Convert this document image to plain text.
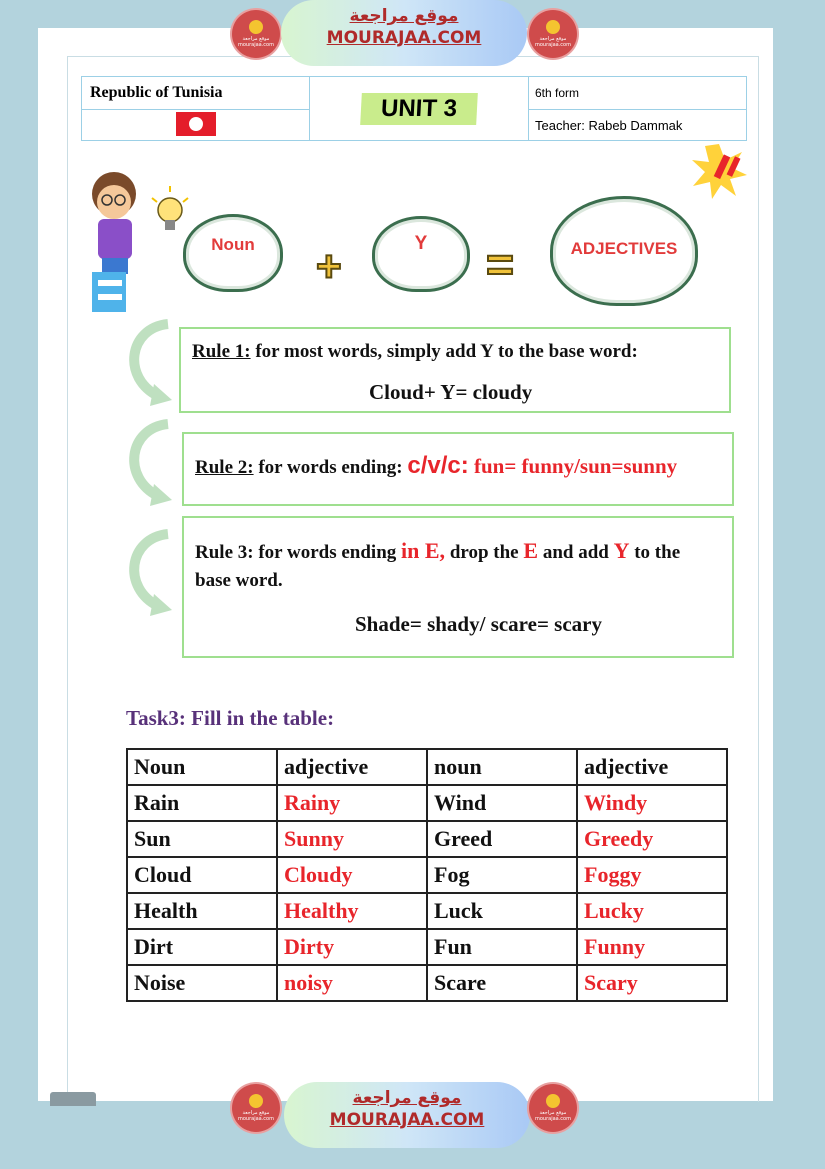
موقع مراجعة
mourajaa.com
موقع مراجعة
MOURAJAA.COM	موقع مراجعة
mourajaa.com
Republic of Tunisia	UNIT 3	6th form
		Teacher: Rabeb Dammak
Noun	+	Y	=	ADJECTIVES
Rule 1: for most words, simply add Y to the base word:
Cloud+ Y= cloudy
Rule 2: for words ending: c/v/c: fun= funny/sun=sunny
Rule 3: for words ending in E, drop the E and add Y to the
base word.
Shade= shady/ scare= scary
Task3: Fill in the table:
Noun	adjective	noun	adjective
Rain	Rainy	Wind	Windy
Sun	Sunny	Greed	Greedy
Cloud	Cloudy	Fog	Foggy
Health	Healthy	Luck	Lucky
Dirt	Dirty	Fun	Funny
Noise	noisy	Scare	Scary
موقع مراجعة
mourajaa.com
موقع مراجعة
MOURAJAA.COM	موقع مراجعة
mourajaa.com
